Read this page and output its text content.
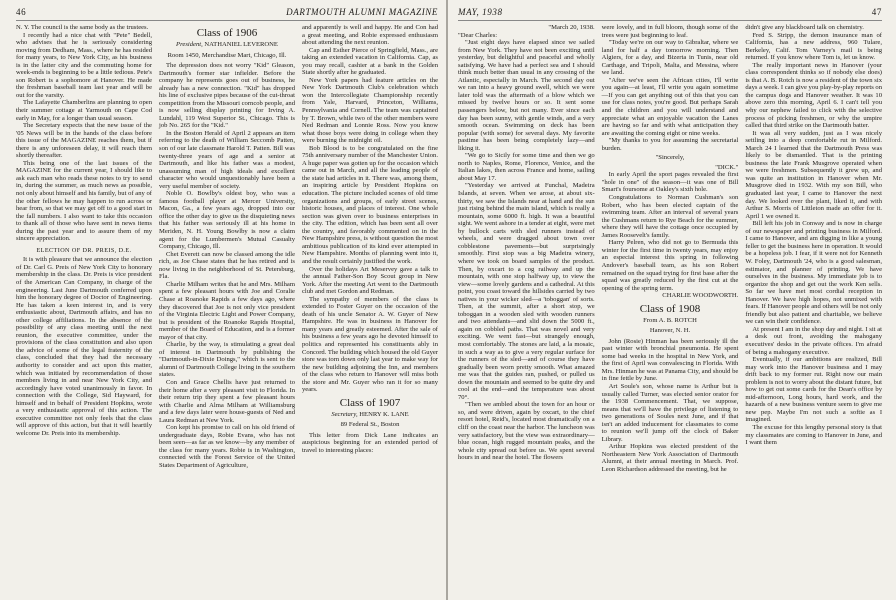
46	DARTMOUTH ALUMNI MAGAZINE

N. Y. The council is the same body as the trustees.

I recently had a nice chat with "Pete" Bedell, who advises that he is seriously considering moving from Dedham, Mass., where he has resided for many years, to New York City, as his business is in the latter city and the commuting home for week-ends is beginning to be a little tedious. Pete's son Robert is a sophomore at Hanover. He made the freshman baseball team last year and will be out for the varsity.

The Lafayette Chamberlins are planning to open their summer cottage at Yarmouth on Cape Cod early in May, for a longer than usual season.

The Secretary expects that the new issue of the '05 News will be in the hands of the class before this issue of the MAGAZINE reaches them, but if there is any unforeseen delay, it will reach them shortly thereafter.

This being one of the last issues of the MAGAZINE for the current year, I should like to ask each man who reads these notes to try to send in, during the summer, as much news as possible, not only about himself and his family, but of any of the other fellows he may happen to run across or hear from, so that we may get off to a good start in the fall numbers. I also want to take this occasion to thank all of those who have sent in news items during the past year and to assure them of my sincere appreciation.

ELECTION OF DR. PREIS, D.E.

It is with pleasure that we announce the election of Dr. Carl G. Preis of New York City to honorary membership in the class. Dr. Preis is vice president of the American Can Company, in charge of the engineering. Last June Dartmouth conferred upon him the honorary degree of Doctor of Engineering. He has taken a keen interest in, and is very enthusiastic about, Dartmouth affairs, and has no other college affiliations. In the absence of the possibility of any class meeting until the next reunion, the executive committee, under the provisions of the class constitution and also upon the advice of some of the legal fraternity of the class, concluded that they had the necessary authority to consider and act upon this matter, which was initiated by recommendation of those members living in and near New York City, and accordingly have voted unanimously in favor. In connection with the College, Sid Hayward, for himself and in behalf of President Hopkins, wrote a very enthusiastic approval of this action. The executive committee not only feels that the class will approve of this action, but that it will heartily welcome Dr. Preis into its membership.

Class of 1906
President, NATHANIEL LEVERONE
Room 1450, Merchandise Mart, Chicago, Ill.

The depression does not worry "Kid" Gleason, Dartmouth's former star infielder. Before the company he represents goes out of business, he already has a new connection. "Kid" has dropped his line of exclusive pipes because of the cut-throat competition from the Missouri corncob people, and is now selling display printing for Irving A. Lundahl, 119 West Superior St., Chicago. This is job No. 265 for the "Kid."

In the Boston Herald of April 2 appears an item referring to the death of William Seccomb Patten, son of our late classmate Harold T. Patten. Bill was twenty-three years of age and a senior at Dartmouth, and like his father was a modest, unassuming man of high ideals and excellent character who would unquestionably have been a very useful member of society.

Noble O. Bowlby's oldest boy, who was a famous football player at Mercer University, Macon, Ga., a few years ago, dropped into our office the other day to give us the disquieting news that his father was seriously ill at his home in Meriden, N. H. Young Bowlby is now a claim agent for the Lumbermen's Mutual Casualty Company, Chicago, Ill.

Chet Everett can now be classed among the idle rich, as Joe Chase states that he has retired and is now living in the neighborhood of St. Petersburg, Fla.

Charlie Milham writes that he and Mrs. Milham spent a few pleasant hours with Joe and Coralie Chase at Roanoke Rapids a few days ago, where they discovered that Joe is not only vice president of the Virginia Electric Light and Power Company, but is president of the Roanoke Rapids Hospital, member of the Board of Education, and is a former mayor of that city.

Charlie, by the way, is stimulating a great deal of interest in Dartmouth by publishing the "Dartmouth-in-Dixie Doings," which is sent to the alumni of Dartmouth College living in the southern states.

Con and Grace Chellis have just returned to their home after a very pleasant visit to Florida. In their return trip they spent a few pleasant hours with Charlie and Alma Milham at Williamsburg and a few days later were house-guests of Ned and Laura Redman at New York.

Con kept his promise to call on his old friend of undergraduate days, Robie Evans, who has not been seen—as far as we know—by any member of the class for many years. Robie is in Washington, connected with the Forest Service of the United States Department of Agriculture,

and apparently is well and happy. He and Con had a great meeting, and Robie expressed enthusiasm about attending the next reunion.

Cap and Esther Pierce of Springfield, Mass., are taking an extended vacation in California. Cap, as you may recall, cashier at a bank in the Golden State shortly after he graduated.

New York papers had feature articles on the New York Dartmouth Club's celebration which won the Intercollegiate Championship recently from Yale, Harvard, Princeton, Williams, Pennsylvania and Cornell. The team was captained by T. Brown, while two of the other members were Ned Redman and Lonnie Ross. Now you know what those boys were doing in college when they were burning the midnight oil.

Bob Blood is to be congratulated on the fine 75th anniversary number of the Manchester Union. A huge paper was gotten up for the occasion which came out in March, and all the leading people of the state had articles in it. There was, among them, an inspiring article by President Hopkins on education. The picture included scenes of old time organizations and groups, of early street scenes, historic houses, and places of interest. One whole section was given over to business enterprises in the city. The edition, which has been sent all over the country, and favorably commented on in the New Hampshire press, is without question the most ambitious publication of its kind ever attempted in New Hampshire. Months of planning went into it, and the result certainly justified the work.

Over the holidays Art Meservey gave a talk to the annual Father-Son Boy Scout group in New York. After the meeting Art went to the Dartmouth club and met Gordon and Redman.

The sympathy of members of the class is extended to Foster Guyer on the occasion of the death of his uncle Senator A. W. Guyer of New Hampshire. He was in business in Hanover for many years and greatly esteemed. After the sale of his business a few years ago he devoted himself to politics and represented his constituents ably in Concord. The building which housed the old Guyer store was torn down only last year to make way for the new building adjoining the Inn, and members of the class who return to Hanover will miss both the store and Mr. Guyer who ran it for so many years.

Class of 1907
Secretary, HENRY K. LANE
89 Federal St., Boston

This letter from Dick Lane indicates an auspicious beginning for an extended period of travel to interesting places:

MAY, 1938	47

"March 20, 1938.

"Dear Charles:

"Just eight days have elapsed since we sailed from New York. They have not been exciting until yesterday, but delightful and peaceful and wholly satisfying. We have had a perfect sea and I should think much better than usual in any crossing of the Atlantic, especially in March. The second day out we ran into a heavy ground swell, which we were later told was the aftermath of a blow which we missed by twelve hours or so. It sent some passengers below, but not many. Ever since each day has been sunny, with gentle winds, and a very smooth ocean. Swimming on deck has been popular (with some) for several days. My favorite pastime has been being completely lazy—and liking it.

"We go to Sicily for some time and then we go north to Naples, Rome, Florence, Venice, and the Italian lakes, then across France and home, sailing about May 17.

"Yesterday we arrived at Funchal, Madeira Islands, at seven. When we arose, at about six-thirty, we saw the Islands near at hand and the sun just rising behind the main island, which is really a mountain, some 6000 ft. high. It was a beautiful sight. We went ashore in a tender at eight, were met by bullock carts with sled runners instead of wheels, and were dragged about town over cobblestone pavements—but surprisingly smoothly. First stop was a big Madeira winery, where we took on board samples of the product. Then, by oxcart to a cog railway and up the mountain, with one stop halfway up, to view the view—some lovely gardens and a cathedral. At this point, you coast toward the hillsides carried by two natives in your wicker sled—a 'toboggan' of sorts. Then, at the summit, after a short stop, we toboggan in a wooden sled with wooden runners and two attendants—and slid down the 5000 ft., again on cobbled paths. That was novel and very exciting. We went fast—but strangely enough, most comfortably. The stones are laid, a la mosaic, in such a way as to give a very regular surface for the runners of the sled—and of course they have gradually been worn pretty smooth. What amazed me was that the guides ran, pushed, or pulled us down the mountain and seemed to be quite dry and cool at the end—and the temperature was about 70°.

"Then we ambled about the town for an hour or so, and were driven, again by oxcart, to the chief resort hotel, Reid's, located most dramatically on a cliff on the coast near the harbor. The luncheon was very satisfactory, but the view was extraordinary—blue ocean, high rugged mountain peaks, and the whole city spread out before us. We spent several hours in and near the hotel. The flowers

were lovely, and in full bloom, though some of the trees were just beginning to leaf.

"Today we're on our way to Gibraltar, where we land for half a day tomorrow morning. Then Algiers, for a day, and Bizerta in Tunis, near old Carthage, and Tripoli, Malta, and Messina, where we land.

"After we've seen the African cities, I'll write you again—at least, I'll write you again sometime—If you can get anything out of this that you can use for class notes, you're good. But perhaps Sarah and the children and you will understand and appreciate what an enjoyable vacation the Lanes are having so far and with what anticipation they are awaiting the coming eight or nine weeks.

"My thanks to you for assuming the secretarial burden.

"Sincerely,

"DICK."

In early April the sport pages revealed the first "hole in one" of the season—it was one of Bill Smart's foursome at Oakley's sixth hole.

Congratulations to Norman Cushman's son Robert, who has been elected captain of the swimming team. After an interval of several years the Cushmans return to Rye Beach for the summer, where they will have the cottage once occupied by James Roosevelt's family.

Harry Pelren, who did not go to Bermuda this winter for the first time in twenty years, may enjoy an especial interest this spring in following Andover's baseball team, as his son Robert remained on the squad trying for first base after the squad was greatly reduced by the first cut at the opening of the spring term.

CHARLIE WOODWORTH.

Class of 1908
From A. B. ROTCH
Hanover, N. H.

John (Rosie) Hinman has been seriously ill the past winter with bronchial pneumonia. He spent some bad weeks in the hospital in New York, and the first of April was convalescing in Florida. With Mrs. Hinman he was at Panama City, and should be in fine fettle by June.

Art Soule's son, whose name is Arthur but is usually called Turner, was elected senior orator for the 1938 Commencement. That, we suppose, means that we'll have the privilege of listening to two generations of Soules next June, and if that isn't an added inducement for classmates to come to reunion we'll jump off the clock of Baker Library.

Arthur Hopkins was elected president of the Northeastern New York Association of Dartmouth Alumni, at their annual meeting in March. Prof. Leon Richardson addressed the meeting, but he

didn't give any blackboard talk on chemistry.

Fred S. Stripp, the demon insurance man of California, has a new address, 960 Tulare, Berkeley, Calif. Tom Varney's mail is being returned. If you know where Tom is, let us know.

The really important news in Hanover (your class correspondent thinks so if nobody else does) is that A. B. Rotch is now a resident of the town six days a week. I can give you play-by-play reports on the campus dogs and Hanover weather. It was 10 above zero this morning, April 6. I can't tell you why our nephew failed to click with the selective process of picking freshmen, or why the umpire called that third strike on the Dartmouth batter.

It was all very sudden, just as I was nicely settling into a deep comfortable rut in Milford. March 24 I learned that the Dartmouth Press was likely to be dismantled. That is the printing business the late Frank Musgrove operated when we were freshmen. Subsequently it grew up, and was quite an institution in Hanover when Mr. Musgrove died in 1932. With my son Bill, who graduated last year, I came to Hanover the next day. We looked over the plant, liked it, and with Arthur S. Morris of Littleton made an offer for it. April 1 we owned it.

Bill left his job in Conway and is now in charge of our newspaper and printing business in Milford. I came to Hanover, and am digging in like a young feller to get the business here in operation. It would be a hopeless job. I fear, if it were not for Kenneth W. Foley, Dartmouth '24, who is a good salesman, estimator, and planner of printing. We have ourselves in the business. My immediate job is to organize the shop and get out the work Ken sells. So far we have met most cordial reception in Hanover. We have high hopes, not unmixed with fears. If Hanover people and others will be not only friendly but also patient and charitable, we believe we can win their confidence.

At present I am in the shop day and night. I sit at a desk out front, avoiding the mahogany executives' desks in the private offices. I'm afraid of being a mahogany executive.

Eventually, if our ambitions are realized, Bill may work into the Hanover business and I may drift back to my former rut. Right now our main problem is not to worry about the distant future, but how to get out some cards for the Dean's office by mid-afternoon, Long hours, hard work, and the hazards of a new business venture seem to give me new pep. Maybe I'm not such a softie as I imagined.

The excuse for this lengthy personal story is that my classmates are coming to Hanover in June, and I want them
